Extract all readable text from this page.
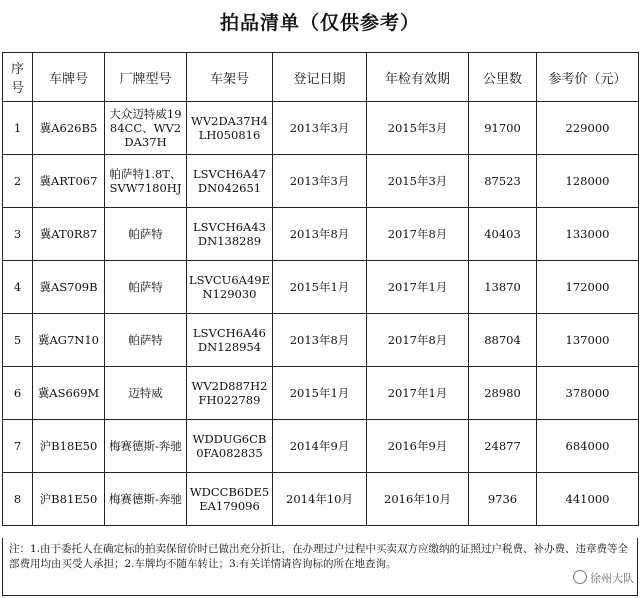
拍品清单（仅供参考）
序号	车牌号	厂牌型号	车架号	登记日期	年检有效期	公里数	参考价（元）
1	冀A626B5	大众迈特威1984CC、WV2DA37H	WV2DA37H4LH050816	2013年3月	2015年3月	91700	229000
2	冀ART067	帕萨特1.8T、SVW7180HJ	LSVCH6A47DN042651	2013年3月	2015年3月	87523	128000
3	冀AT0R87	帕萨特	LSVCH6A43DN138289	2013年8月	2017年8月	40403	133000
4	冀AS709B	帕萨特	LSVCU6A49EN129030	2015年1月	2017年1月	13870	172000
5	冀AG7N10	帕萨特	LSVCH6A46DN128954	2013年8月	2017年8月	88704	137000
6	冀AS669M	迈特威	WV2D887H2FH022789	2015年1月	2017年1月	28980	378000
7	沪B18E50	梅赛德斯-奔驰	WDDUG6CB0FA082835	2014年9月	2016年9月	24877	684000
8	沪B81E50	梅赛德斯-奔驰	WDCCB6DE5EA179096	2014年10月	2016年10月	9736	441000
注：1.由于委托人在确定标的拍卖保留价时已做出充分折让，在办理过户过程中买卖双方应缴纳的证照过户税费、补办费、违章费等全部费用均由买受人承担；2.车牌均不随车转让；3.有关详情请咨询标的所在地查询。
徐州大队
